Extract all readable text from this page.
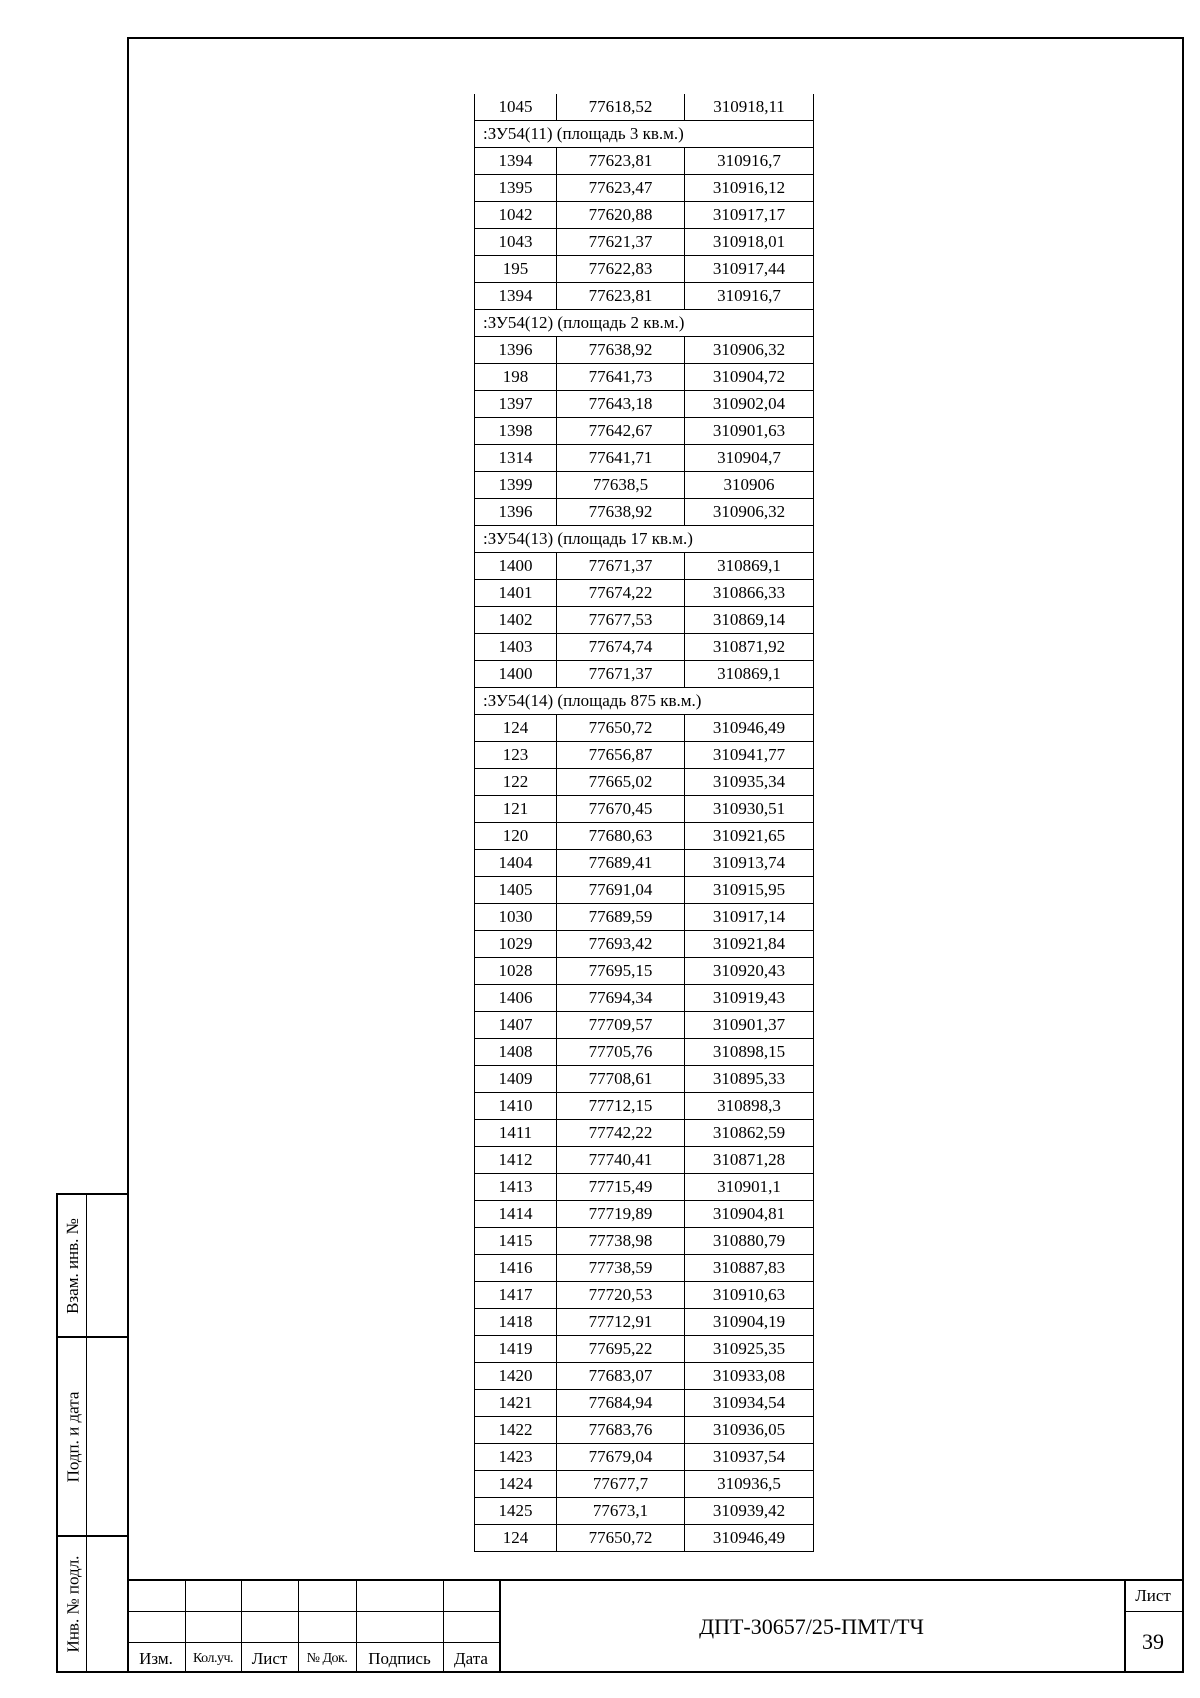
1045	77618,52	310918,11
:ЗУ54(11) (площадь 3 кв.м.)		
1394	77623,81	310916,7
1395	77623,47	310916,12
1042	77620,88	310917,17
1043	77621,37	310918,01
195	77622,83	310917,44
1394	77623,81	310916,7
:ЗУ54(12) (площадь 2 кв.м.)		
1396	77638,92	310906,32
198	77641,73	310904,72
1397	77643,18	310902,04
1398	77642,67	310901,63
1314	77641,71	310904,7
1399	77638,5	310906
1396	77638,92	310906,32
:ЗУ54(13) (площадь 17 кв.м.)		
1400	77671,37	310869,1
1401	77674,22	310866,33
1402	77677,53	310869,14
1403	77674,74	310871,92
1400	77671,37	310869,1
:ЗУ54(14) (площадь 875 кв.м.)		
124	77650,72	310946,49
123	77656,87	310941,77
122	77665,02	310935,34
121	77670,45	310930,51
120	77680,63	310921,65
1404	77689,41	310913,74
1405	77691,04	310915,95
1030	77689,59	310917,14
1029	77693,42	310921,84
1028	77695,15	310920,43
1406	77694,34	310919,43
1407	77709,57	310901,37
1408	77705,76	310898,15
1409	77708,61	310895,33
1410	77712,15	310898,3
1411	77742,22	310862,59
1412	77740,41	310871,28
1413	77715,49	310901,1
1414	77719,89	310904,81
1415	77738,98	310880,79
1416	77738,59	310887,83
1417	77720,53	310910,63
1418	77712,91	310904,19
1419	77695,22	310925,35
1420	77683,07	310933,08
1421	77684,94	310934,54
1422	77683,76	310936,05
1423	77679,04	310937,54
1424	77677,7	310936,5
1425	77673,1	310939,42
124	77650,72	310946,49
Взам. инв. №
Подп. и дата
Инв. № подл.
Изм.	Кол.уч.	Лист	№ Док.	Подпись	Дата
ДПТ-30657/25-ПМТ/ТЧ
Лист
39
